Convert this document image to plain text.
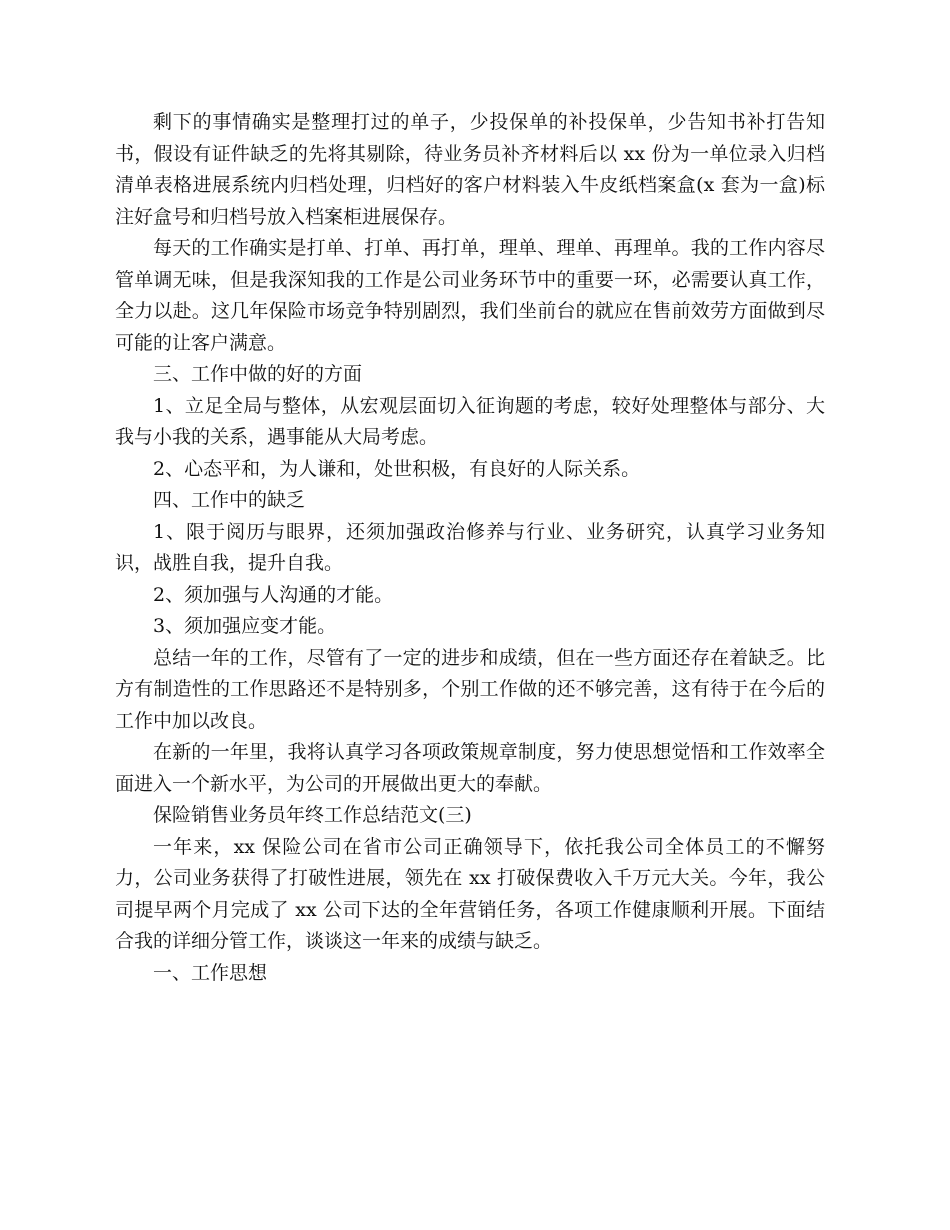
剩下的事情确实是整理打过的单子，少投保单的补投保单，少告知书补打告知书，假设有证件缺乏的先将其剔除，待业务员补齐材料后以 xx 份为一单位录入归档清单表格进展系统内归档处理，归档好的客户材料装入牛皮纸档案盒(x 套为一盒)标注好盒号和归档号放入档案柜进展保存。

每天的工作确实是打单、打单、再打单，理单、理单、再理单。我的工作内容尽管单调无味，但是我深知我的工作是公司业务环节中的重要一环，必需要认真工作，全力以赴。这几年保险市场竞争特别剧烈，我们坐前台的就应在售前效劳方面做到尽可能的让客户满意。

三、工作中做的好的方面

1、立足全局与整体，从宏观层面切入征询题的考虑，较好处理整体与部分、大我与小我的关系，遇事能从大局考虑。

2、心态平和，为人谦和，处世积极，有良好的人际关系。

四、工作中的缺乏

1、限于阅历与眼界，还须加强政治修养与行业、业务研究，认真学习业务知识，战胜自我，提升自我。

2、须加强与人沟通的才能。

3、须加强应变才能。

总结一年的工作，尽管有了一定的进步和成绩，但在一些方面还存在着缺乏。比方有制造性的工作思路还不是特别多，个别工作做的还不够完善，这有待于在今后的工作中加以改良。

在新的一年里，我将认真学习各项政策规章制度，努力使思想觉悟和工作效率全面进入一个新水平，为公司的开展做出更大的奉献。

保险销售业务员年终工作总结范文(三)

一年来，xx 保险公司在省市公司正确领导下，依托我公司全体员工的不懈努力，公司业务获得了打破性进展，领先在 xx 打破保费收入千万元大关。今年，我公司提早两个月完成了 xx 公司下达的全年营销任务，各项工作健康顺利开展。下面结合我的详细分管工作，谈谈这一年来的成绩与缺乏。

一、工作思想
